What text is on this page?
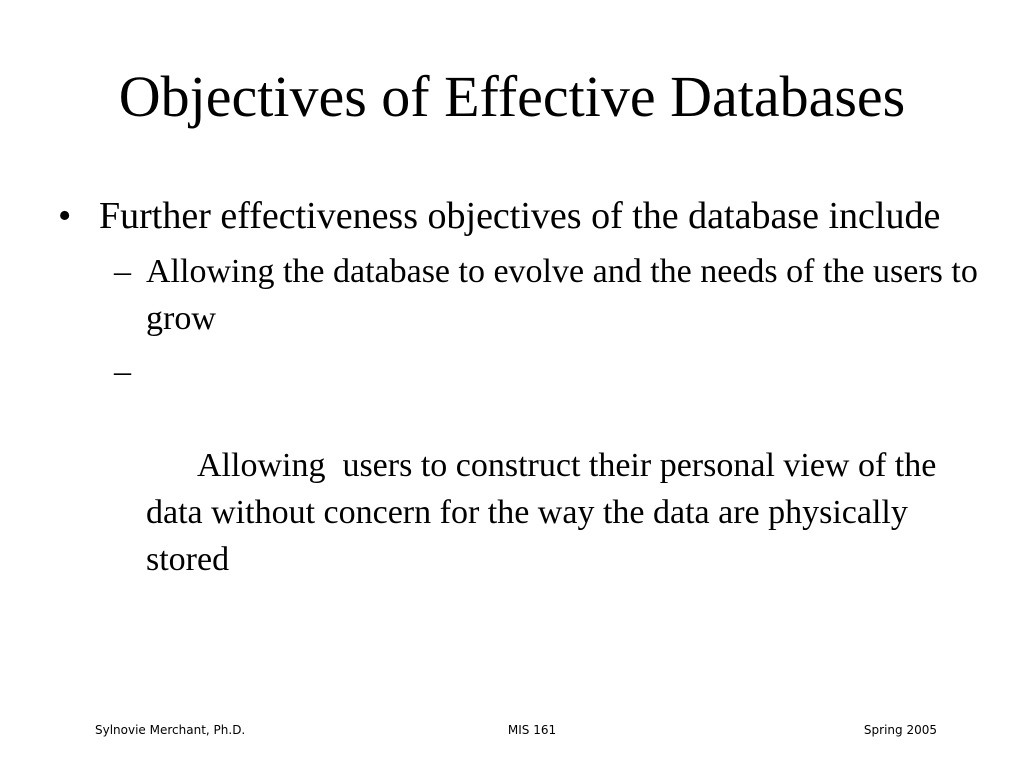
Objectives of Effective Databases
• Further effectiveness objectives of the database include
– Allowing the database to evolve and the needs of the users to grow

–

Allowing  users to construct their personal view of the data without concern for the way the data are physically stored

Sylnovie Merchant, Ph.D.	MIS 161	Spring 2005
